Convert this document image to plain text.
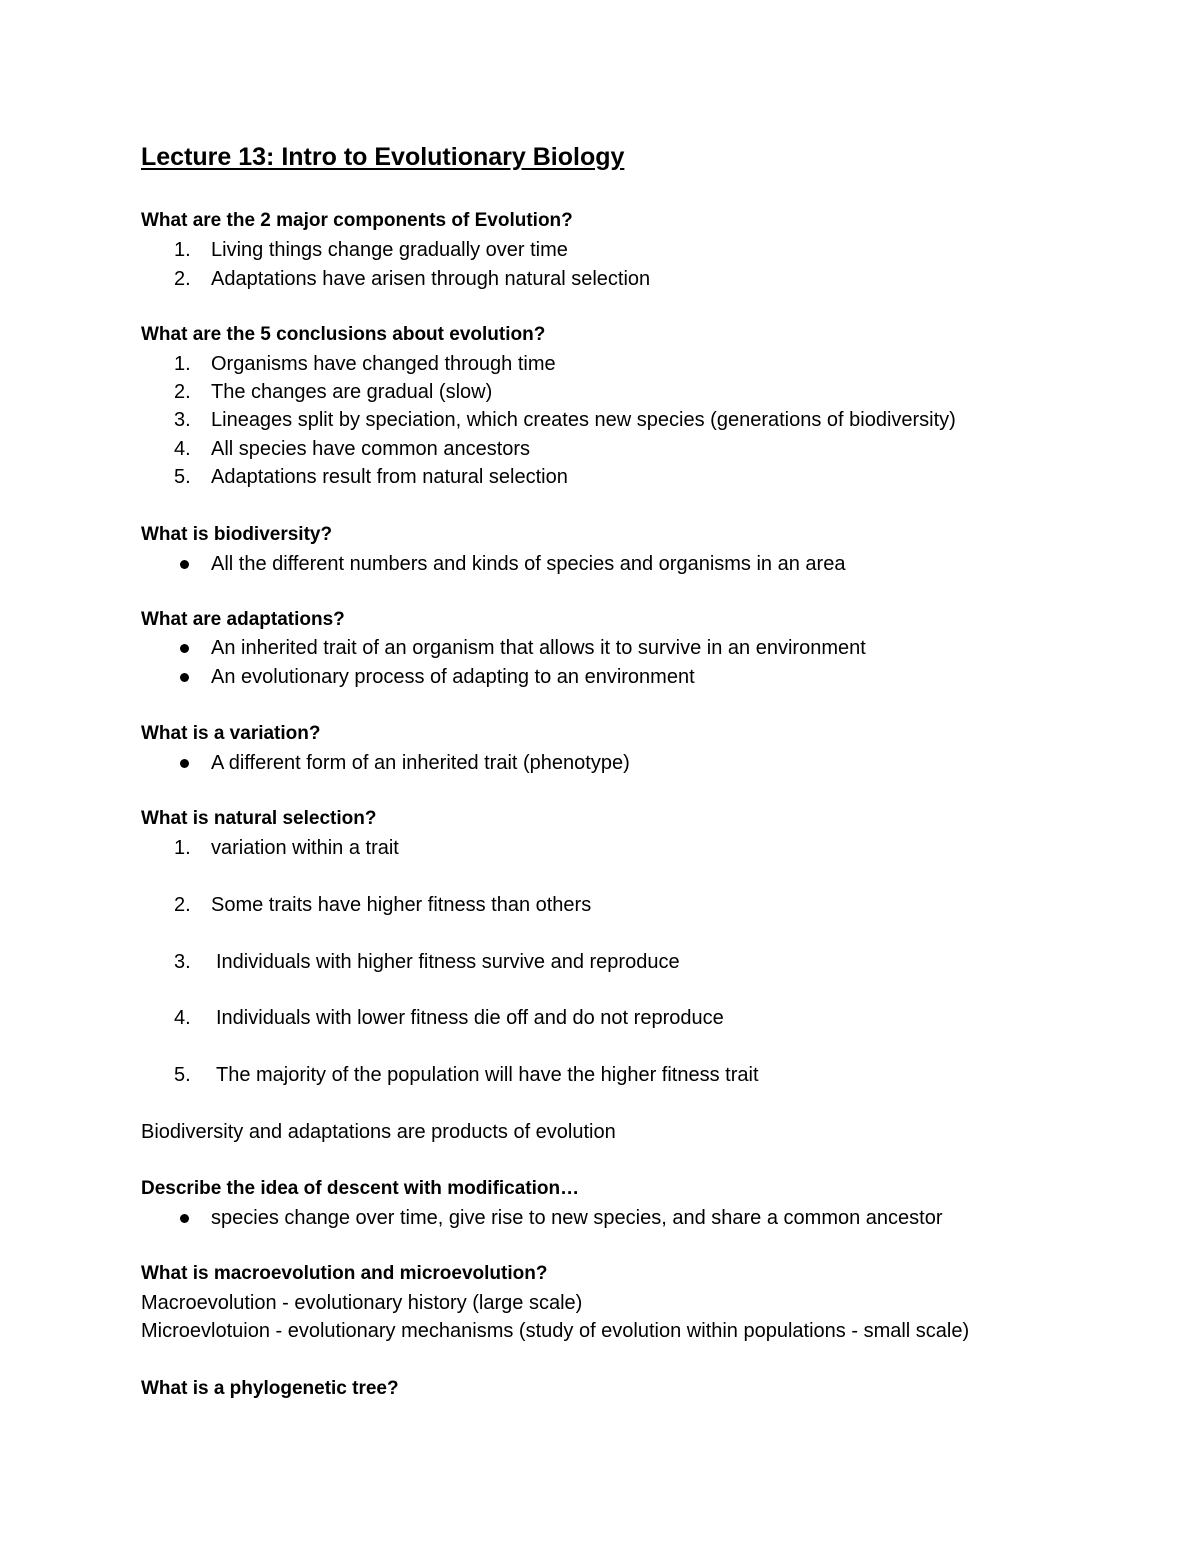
Lecture 13: Intro to Evolutionary Biology

What are the 2 major components of Evolution?

1. Living things change gradually over time
2. Adaptations have arisen through natural selection

What are the 5 conclusions about evolution?

1. Organisms have changed through time
2. The changes are gradual (slow)
3. Lineages split by speciation, which creates new species (generations of biodiversity)
4. All species have common ancestors
5. Adaptations result from natural selection

What is biodiversity?

All the different numbers and kinds of species and organisms in an area

What are adaptations?

An inherited trait of an organism that allows it to survive in an environment
An evolutionary process of adapting to an environment

What is a variation?

A different form of an inherited trait (phenotype)

What is natural selection?

1. variation within a trait
2. Some traits have higher fitness than others
3. Individuals with higher fitness survive and reproduce
4. Individuals with lower fitness die off and do not reproduce
5. The majority of the population will have the higher fitness trait

Biodiversity and adaptations are products of evolution

Describe the idea of descent with modification…

species change over time, give rise to new species, and share a common ancestor

What is macroevolution and microevolution?

Macroevolution - evolutionary history (large scale)

Microevlotuion - evolutionary mechanisms (study of evolution within populations - small scale)

What is a phylogenetic tree?
